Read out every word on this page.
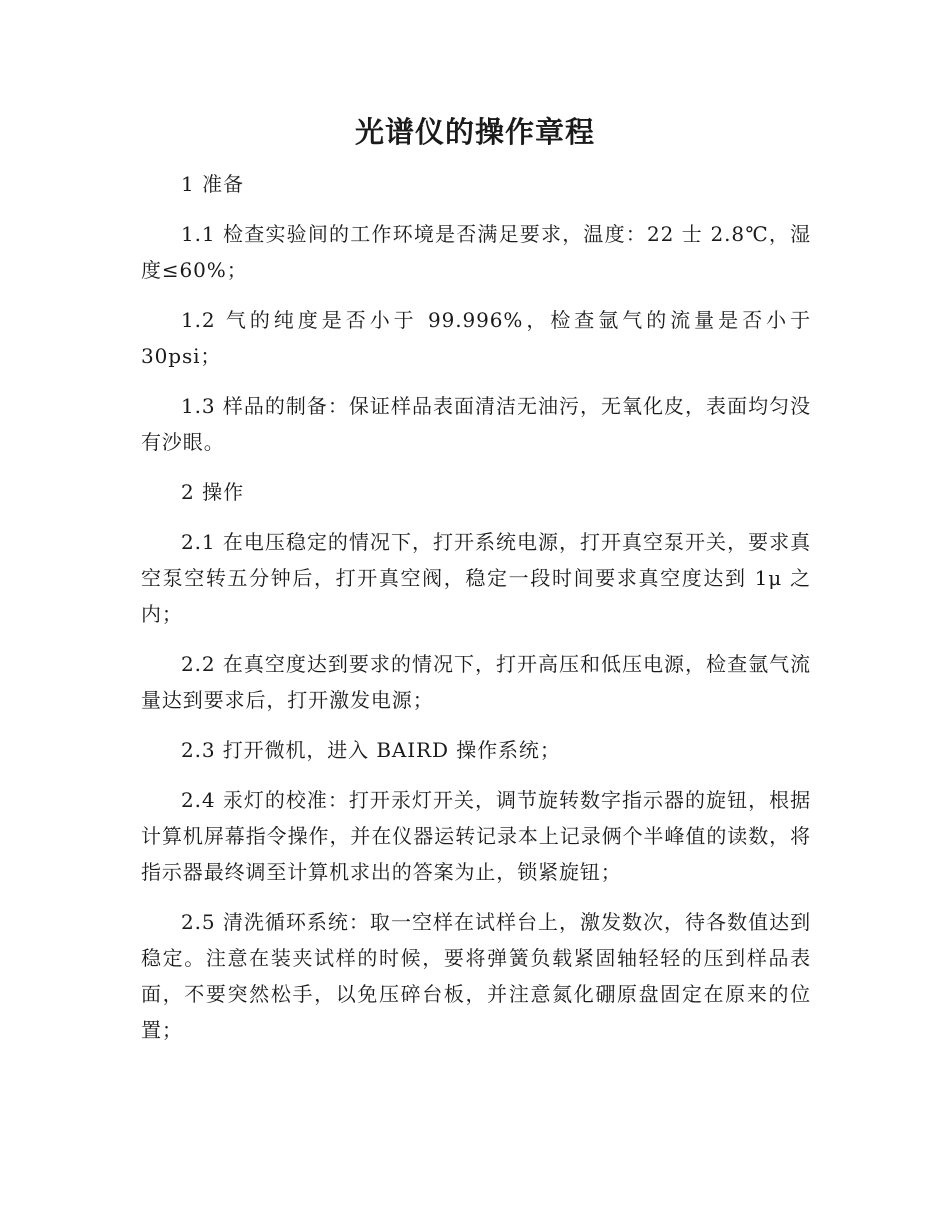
光谱仪的操作章程

1 准备

1.1 检查实验间的工作环境是否满足要求，温度：22 士 2.8℃，湿度≤60%；

1.2 气的纯度是否小于 99.996%，检查氩气的流量是否小于 30psi；

1.3 样品的制备：保证样品表面清洁无油污，无氧化皮，表面均匀没有沙眼。

2 操作

2.1 在电压稳定的情况下，打开系统电源，打开真空泵开关，要求真空泵空转五分钟后，打开真空阀，稳定一段时间要求真空度达到 1μ 之内；

2.2 在真空度达到要求的情况下，打开高压和低压电源，检查氩气流量达到要求后，打开激发电源；

2.3 打开微机，进入 BAIRD 操作系统；

2.4 汞灯的校准：打开汞灯开关，调节旋转数字指示器的旋钮，根据计算机屏幕指令操作，并在仪器运转记录本上记录俩个半峰值的读数，将指示器最终调至计算机求出的答案为止，锁紧旋钮；

2.5 清洗循环系统：取一空样在试样台上，激发数次，待各数值达到稳定。注意在装夹试样的时候，要将弹簧负载紧固轴轻轻的压到样品表面，不要突然松手，以免压碎台板，并注意氮化硼原盘固定在原来的位置；
